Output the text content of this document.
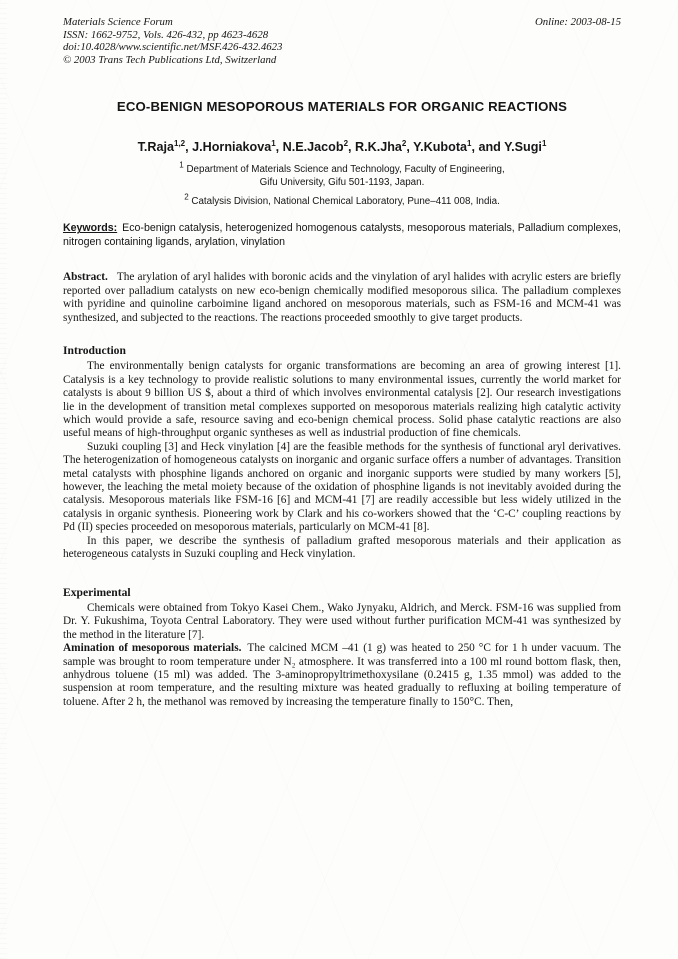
Materials Science Forum
ISSN: 1662-9752, Vols. 426-432, pp 4623-4628
doi:10.4028/www.scientific.net/MSF.426-432.4623
© 2003 Trans Tech Publications Ltd, Switzerland
Online: 2003-08-15
ECO-BENIGN MESOPOROUS MATERIALS FOR ORGANIC REACTIONS
T.Raja$^{1,2}$, J.Horniakova$^1$, N.E.Jacob$^2$, R.K.Jha$^2$, Y.Kubota$^1$, and Y.Sugi$^1$
$^1$ Department of Materials Science and Technology, Faculty of Engineering,
Gifu University, Gifu 501-1193, Japan.
$^2$ Catalysis Division, National Chemical Laboratory, Pune–411 008, India.
Keywords: Eco-benign catalysis, heterogenized homogenous catalysts, mesoporous materials, Palladium complexes, nitrogen containing ligands, arylation, vinylation

Abstract. The arylation of aryl halides with boronic acids and the vinylation of aryl halides with acrylic esters are briefly reported over palladium catalysts on new eco-benign chemically modified mesoporous silica. The palladium complexes with pyridine and quinoline carboimine ligand anchored on mesoporous materials, such as FSM-16 and MCM-41 was synthesized, and subjected to the reactions. The reactions proceeded smoothly to give target products.

Introduction

The environmentally benign catalysts for organic transformations are becoming an area of growing interest [1]. Catalysis is a key technology to provide realistic solutions to many environmental issues, currently the world market for catalysts is about 9 billion US $, about a third of which involves environmental catalysis [2]. Our research investigations lie in the development of transition metal complexes supported on mesoporous materials realizing high catalytic activity which would provide a safe, resource saving and eco-benign chemical process. Solid phase catalytic reactions are also useful means of high-throughput organic syntheses as well as industrial production of fine chemicals.

Suzuki coupling [3] and Heck vinylation [4] are the feasible methods for the synthesis of functional aryl derivatives. The heterogenization of homogeneous catalysts on inorganic and organic surface offers a number of advantages. Transition metal catalysts with phosphine ligands anchored on organic and inorganic supports were studied by many workers [5], however, the leaching the metal moiety because of the oxidation of phosphine ligands is not inevitably avoided during the catalysis. Mesoporous materials like FSM-16 [6] and MCM-41 [7] are readily accessible but less widely utilized in the catalysis in organic synthesis. Pioneering work by Clark and his co-workers showed that the ‘C-C’ coupling reactions by Pd (II) species proceeded on mesoporous materials, particularly on MCM-41 [8].

In this paper, we describe the synthesis of palladium grafted mesoporous materials and their application as heterogeneous catalysts in Suzuki coupling and Heck vinylation.

Experimental

Chemicals were obtained from Tokyo Kasei Chem., Wako Jynyaku, Aldrich, and Merck. FSM-16 was supplied from Dr. Y. Fukushima, Toyota Central Laboratory. They were used without further purification MCM-41 was synthesized by the method in the literature [7].

Amination of mesoporous materials. The calcined MCM –41 (1 g) was heated to 250 °C for 1 h under vacuum. The sample was brought to room temperature under N₂ atmosphere. It was transferred into a 100 ml round bottom flask, then, anhydrous toluene (15 ml) was added. The 3-aminopropyltrimethoxysilane (0.2415 g, 1.35 mmol) was added to the suspension at room temperature, and the resulting mixture was heated gradually to refluxing at boiling temperature of toluene. After 2 h, the methanol was removed by increasing the temperature finally to 150°C. Then,
